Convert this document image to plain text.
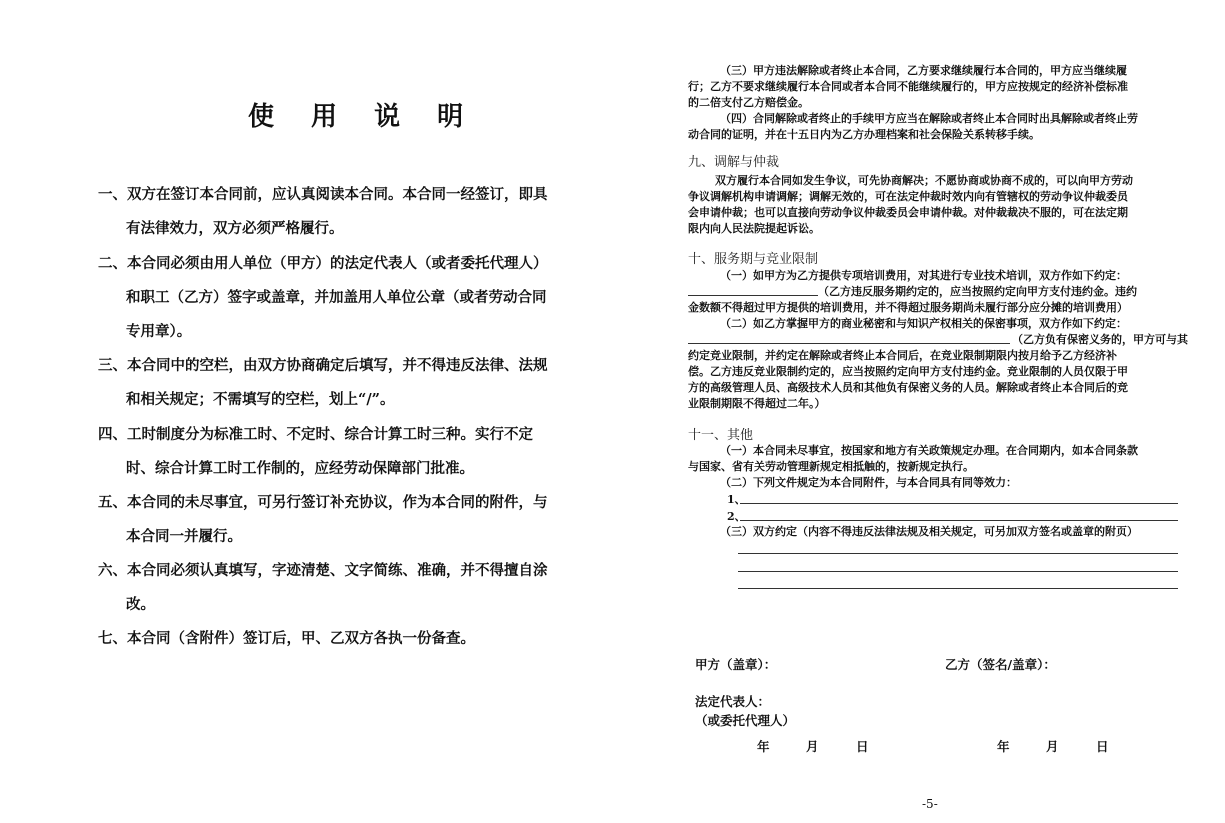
使 用 说 明
一、双方在签订本合同前，应认真阅读本合同。本合同一经签订，即具
有法律效力，双方必须严格履行。
二、本合同必须由用人单位（甲方）的法定代表人（或者委托代理人）
和职工（乙方）签字或盖章，并加盖用人单位公章（或者劳动合同
专用章）。
三、本合同中的空栏，由双方协商确定后填写，并不得违反法律、法规
和相关规定；不需填写的空栏，划上“/”。
四、工时制度分为标准工时、不定时、综合计算工时三种。实行不定
时、综合计算工时工作制的，应经劳动保障部门批准。
五、本合同的未尽事宜，可另行签订补充协议，作为本合同的附件，与
本合同一并履行。
六、本合同必须认真填写，字迹清楚、文字简练、准确，并不得擅自涂
改。
七、本合同（含附件）签订后，甲、乙双方各执一份备查。
（三）甲方违法解除或者终止本合同，乙方要求继续履行本合同的，甲方应当继续履
行；乙方不要求继续履行本合同或者本合同不能继续履行的，甲方应按规定的经济补偿标准
的二倍支付乙方赔偿金。
（四）合同解除或者终止的手续甲方应当在解除或者终止本合同时出具解除或者终止劳
动合同的证明，并在十五日内为乙方办理档案和社会保险关系转移手续。
九、调解与仲裁
双方履行本合同如发生争议，可先协商解决；不愿协商或协商不成的，可以向甲方劳动
争议调解机构申请调解；调解无效的，可在法定仲裁时效内向有管辖权的劳动争议仲裁委员
会申请仲裁；也可以直接向劳动争议仲裁委员会申请仲裁。对仲裁裁决不服的，可在法定期
限内向人民法院提起诉讼。
十、服务期与竞业限制
（一）如甲方为乙方提供专项培训费用，对其进行专业技术培训，双方作如下约定：
（乙方违反服务期约定的，应当按照约定向甲方支付违约金。违约
金数额不得超过甲方提供的培训费用，并不得超过服务期尚未履行部分应分摊的培训费用）
（二）如乙方掌握甲方的商业秘密和与知识产权相关的保密事项，双方作如下约定：
（乙方负有保密义务的，甲方可与其
约定竞业限制，并约定在解除或者终止本合同后，在竞业限制期限内按月给予乙方经济补
偿。乙方违反竞业限制约定的，应当按照约定向甲方支付违约金。竞业限制的人员仅限于甲
方的高级管理人员、高级技术人员和其他负有保密义务的人员。解除或者终止本合同后的竞
业限制期限不得超过二年。）
十一、其他
（一）本合同未尽事宜，按国家和地方有关政策规定办理。在合同期内，如本合同条款
与国家、省有关劳动管理新规定相抵触的，按新规定执行。
（二）下列文件规定为本合同附件，与本合同具有同等效力：
1、
2、
（三）双方约定（内容不得违反法律法规及相关规定，可另加双方签名或盖章的附页）
甲方（盖章）：	乙方（签名/盖章）：
法定代表人：
（或委托代理人）
年	月	日	年	月	日
-5-
